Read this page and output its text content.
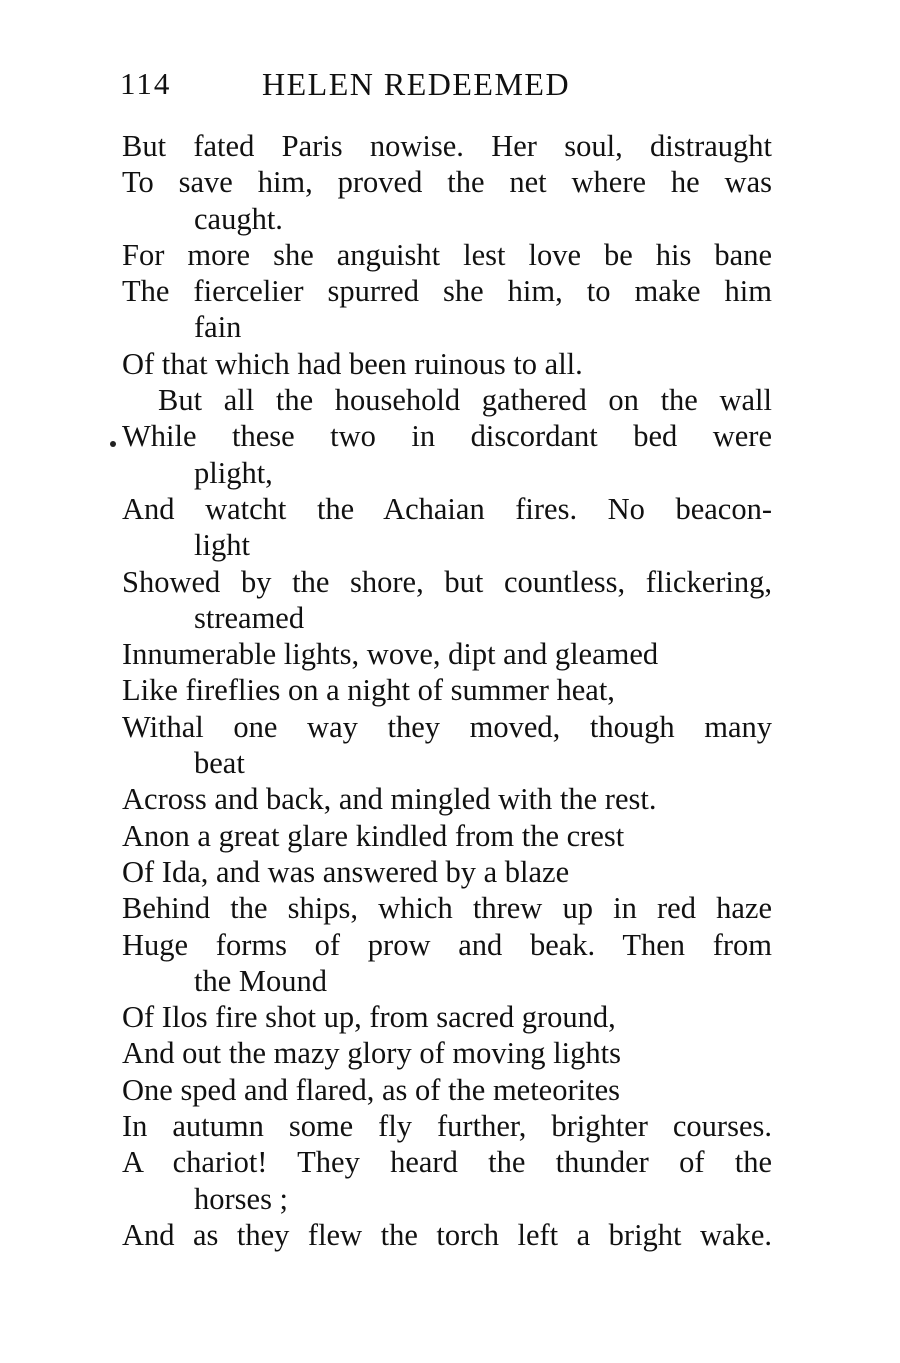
114	HELEN REDEEMED
But fated Paris nowise. Her soul, distraught
To save him, proved the net where he was
caught.
For more she anguisht lest love be his bane
The fiercelier spurred she him, to make him
fain
Of that which had been ruinous to all.
But all the household gathered on the wall
While these two in discordant bed were
plight,
And watcht the Achaian fires. No beacon-
light
Showed by the shore, but countless, flickering,
streamed
Innumerable lights, wove, dipt and gleamed
Like fireflies on a night of summer heat,
Withal one way they moved, though many
beat
Across and back, and mingled with the rest.
Anon a great glare kindled from the crest
Of Ida, and was answered by a blaze
Behind the ships, which threw up in red haze
Huge forms of prow and beak. Then from
the Mound
Of Ilos fire shot up, from sacred ground,
And out the mazy glory of moving lights
One sped and flared, as of the meteorites
In autumn some fly further, brighter courses.
A chariot! They heard the thunder of the
horses ;
And as they flew the torch left a bright wake.
